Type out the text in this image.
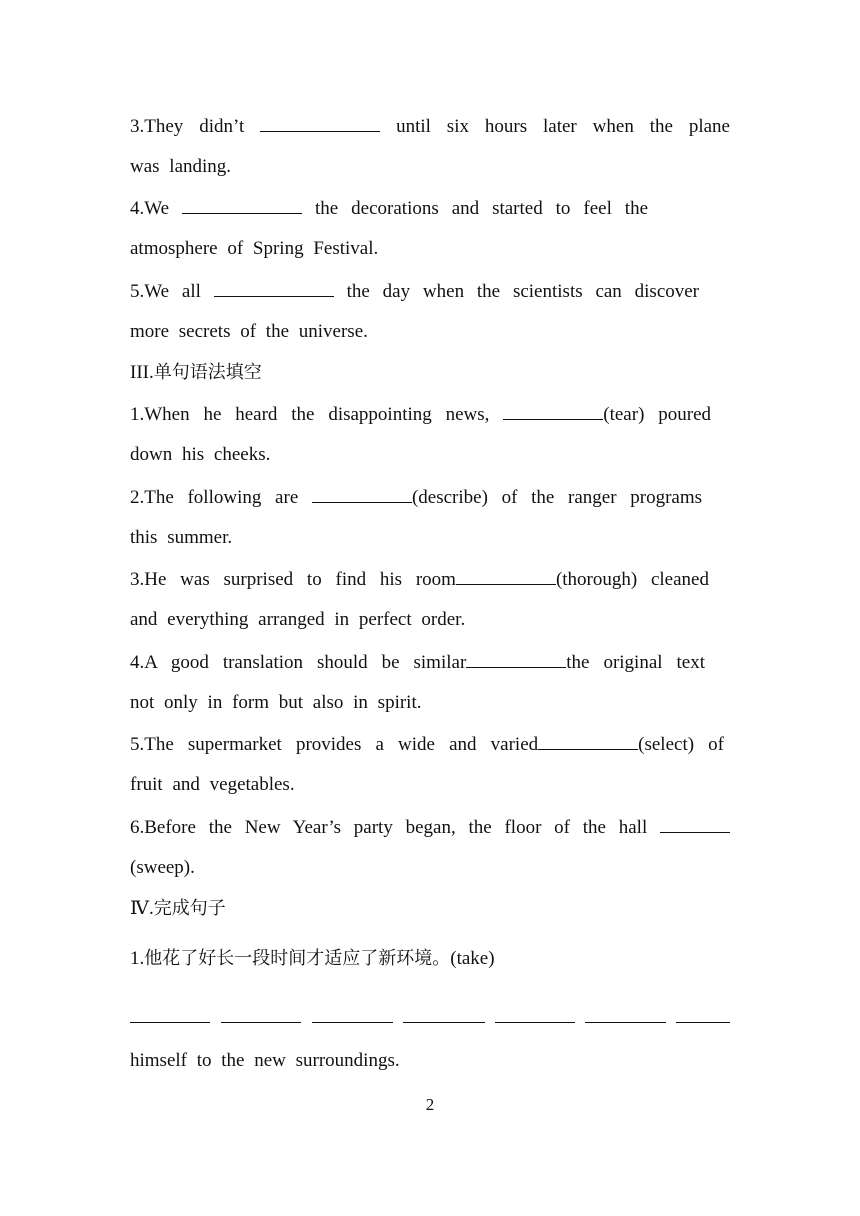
3.They didn’t	until six hours later when the plane
was landing.
4.We	the decorations and started to feel the
atmosphere of Spring Festival.
5.We all	the day when the scientists can discover
more secrets of the universe.
III.单句语法填空
1.When he heard the disappointing news,	(tear) poured
down his cheeks.
2.The following are	(describe) of the ranger programs
this summer.
3.He was surprised to find his room	(thorough) cleaned
and everything arranged in perfect order.
4.A good translation should be similar	the original text
not only in form but also in spirit.
5.The supermarket provides a wide and varied	(select) of
fruit and vegetables.
6.Before the New Year’s party began, the floor of the hall
(sweep).
Ⅳ.完成句子
1.他花了好长一段时间才适应了新环境。(take)
himself to the new surroundings.
2
